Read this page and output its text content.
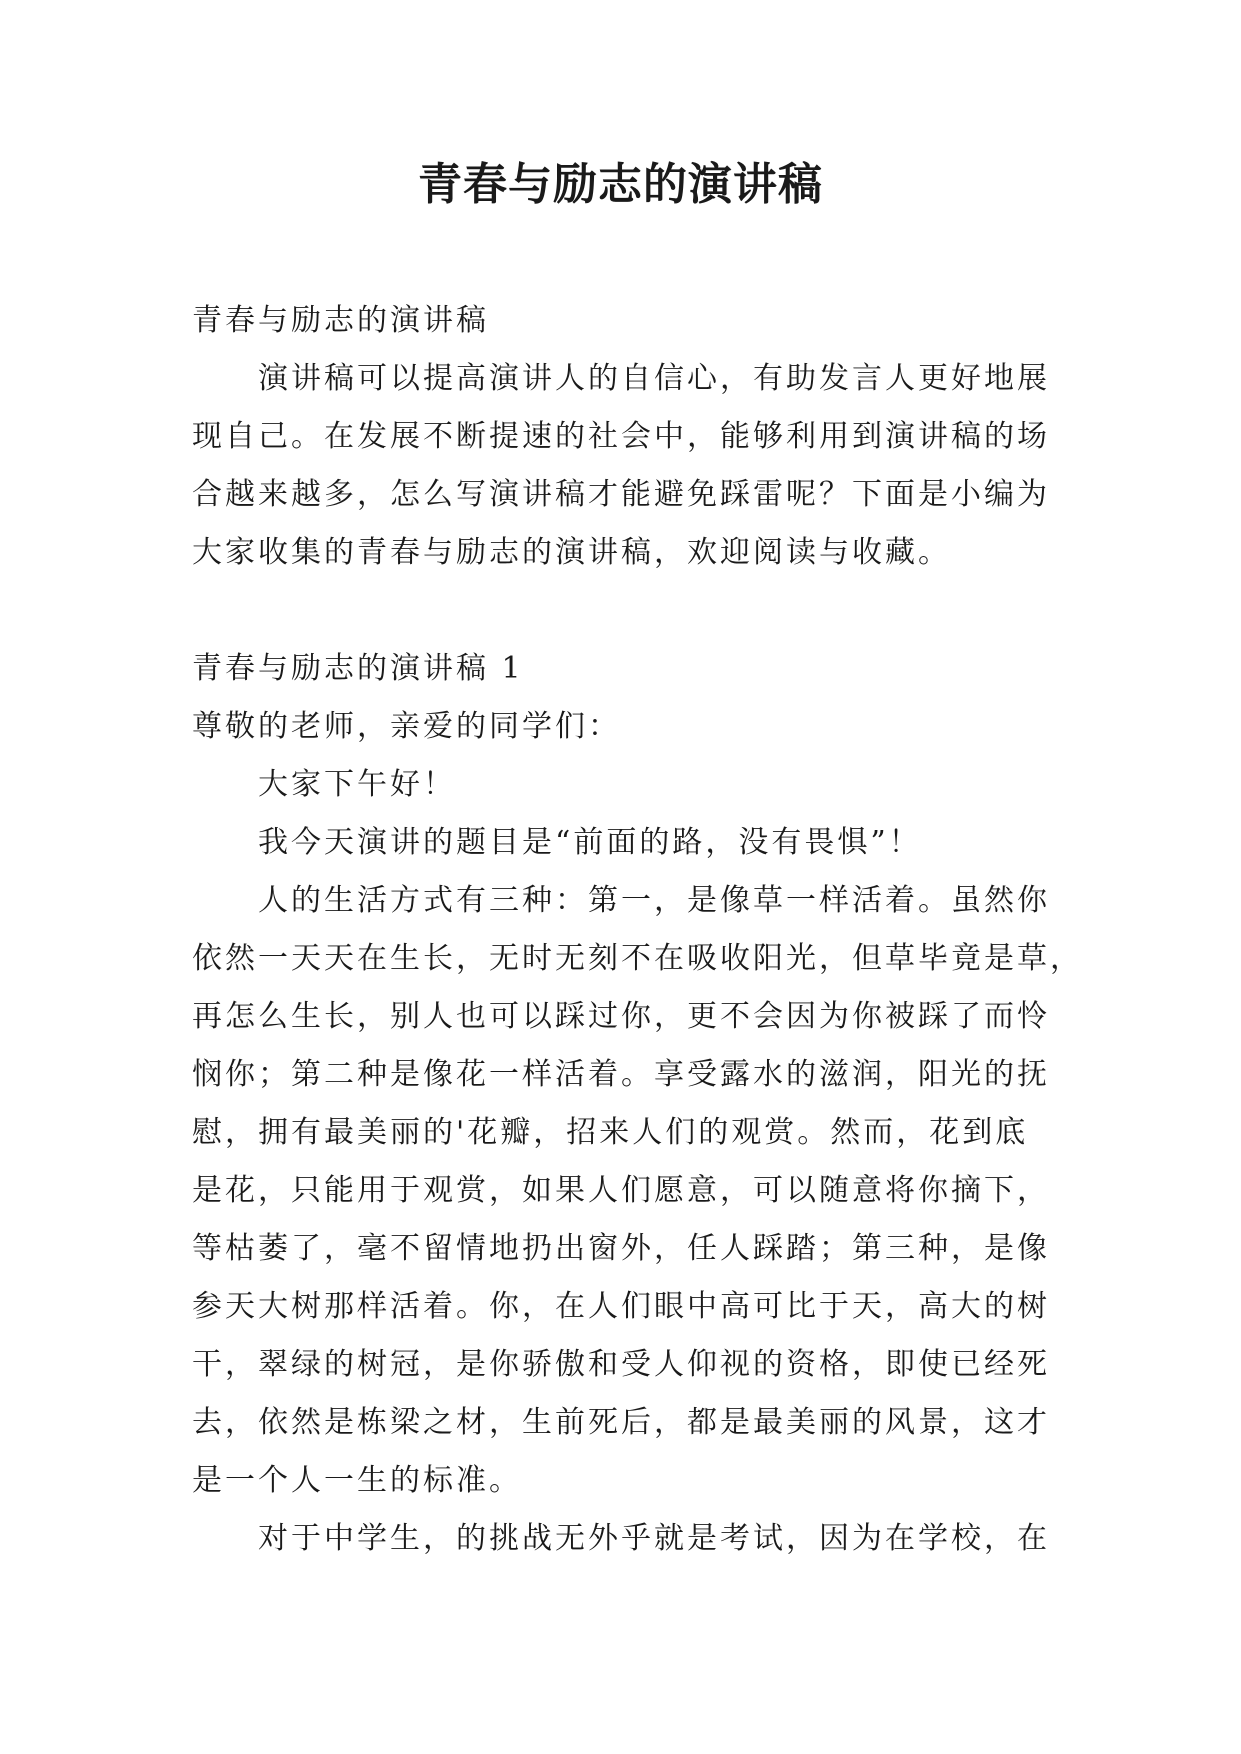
青春与励志的演讲稿
青春与励志的演讲稿
演讲稿可以提高演讲人的自信心，有助发言人更好地展
现自己。在发展不断提速的社会中，能够利用到演讲稿的场
合越来越多，怎么写演讲稿才能避免踩雷呢？下面是小编为
大家收集的青春与励志的演讲稿，欢迎阅读与收藏。
青春与励志的演讲稿 1
尊敬的老师，亲爱的同学们：
大家下午好！
我今天演讲的题目是“前面的路，没有畏惧”！
人的生活方式有三种：第一，是像草一样活着。虽然你
依然一天天在生长，无时无刻不在吸收阳光，但草毕竟是草，
再怎么生长，别人也可以踩过你，更不会因为你被踩了而怜
悯你；第二种是像花一样活着。享受露水的滋润，阳光的抚
慰，拥有最美丽的'花瓣，招来人们的观赏。然而，花到底
是花，只能用于观赏，如果人们愿意，可以随意将你摘下，
等枯萎了，毫不留情地扔出窗外，任人踩踏；第三种，是像
参天大树那样活着。你，在人们眼中高可比于天，高大的树
干，翠绿的树冠，是你骄傲和受人仰视的资格，即使已经死
去，依然是栋梁之材，生前死后，都是最美丽的风景，这才
是一个人一生的标准。
对于中学生，的挑战无外乎就是考试，因为在学校，在
